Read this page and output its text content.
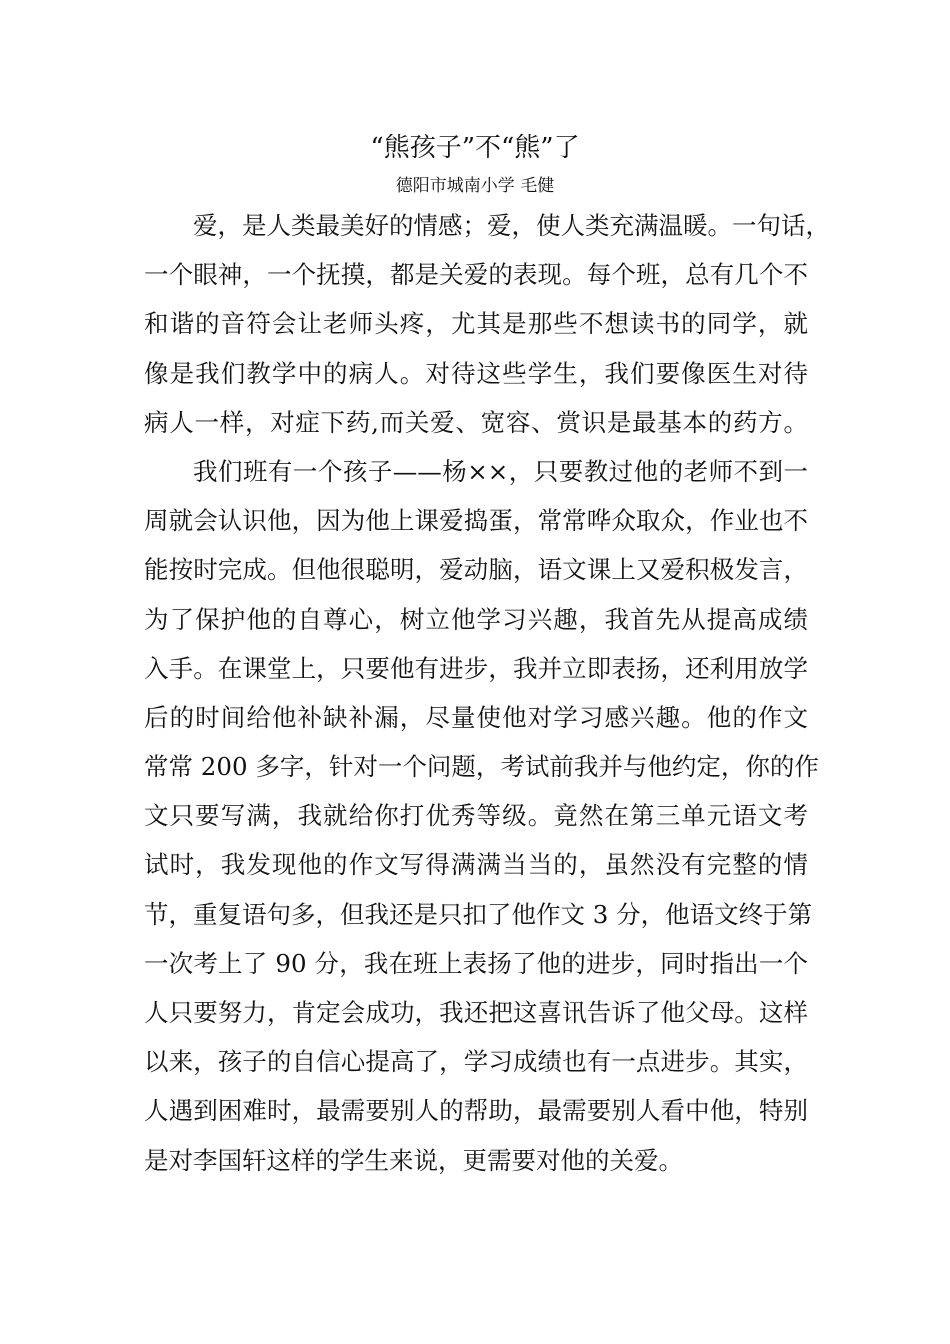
“熊孩子”不“熊”了
德阳市城南小学 毛健
爱，是人类最美好的情感；爱，使人类充满温暖。一句话，
一个眼神，一个抚摸，都是关爱的表现。每个班，总有几个不
和谐的音符会让老师头疼，尤其是那些不想读书的同学，就
像是我们教学中的病人。对待这些学生，我们要像医生对待
病人一样，对症下药,而关爱、宽容、赏识是最基本的药方。
我们班有一个孩子——杨××，只要教过他的老师不到一
周就会认识他，因为他上课爱捣蛋，常常哗众取众，作业也不
能按时完成。但他很聪明，爱动脑，语文课上又爱积极发言，
为了保护他的自尊心，树立他学习兴趣，我首先从提高成绩
入手。在课堂上，只要他有进步，我并立即表扬，还利用放学
后的时间给他补缺补漏，尽量使他对学习感兴趣。他的作文
常常 200 多字，针对一个问题，考试前我并与他约定，你的作
文只要写满，我就给你打优秀等级。竟然在第三单元语文考
试时，我发现他的作文写得满满当当的，虽然没有完整的情
节，重复语句多，但我还是只扣了他作文 3 分，他语文终于第
一次考上了 90 分，我在班上表扬了他的进步，同时指出一个
人只要努力，肯定会成功，我还把这喜讯告诉了他父母。这样
以来，孩子的自信心提高了，学习成绩也有一点进步。其实，
人遇到困难时，最需要别人的帮助，最需要别人看中他，特别
是对李国轩这样的学生来说，更需要对他的关爱。
